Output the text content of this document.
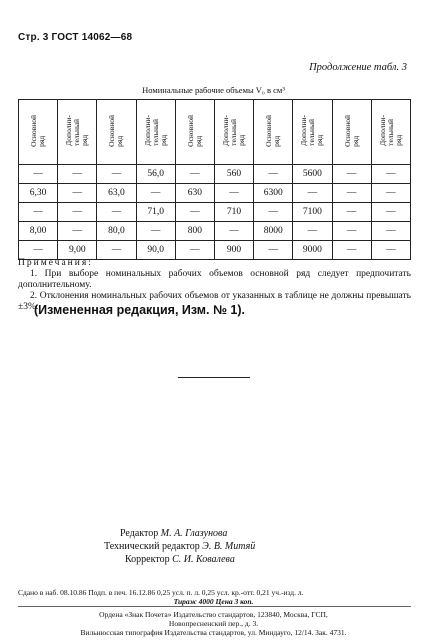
Стр. 3 ГОСТ 14062—68
Продолжение табл. 3
Номинальные рабочие объемы V₀ в см³
Основной
ряд	Дополни-
тельный
ряд	Основной
ряд	Дополни-
тельный
ряд	Основной
ряд	Дополни-
тельный
ряд	Основной
ряд	Дополни-
тельный
ряд	Основной
ряд	Дополни-
тельный
ряд
—	—	—	56,0	—	560	—	5600	—	—
6,30	—	63,0	—	630	—	6300	—	—	—
—	—	—	71,0	—	710	—	7100	—	—
8,00	—	80,0	—	800	—	8000	—	—	—
—	9,00	—	90,0	—	900	—	9000	—	—
Примечания:

1. При выборе номинальных рабочих объемов основной ряд следует предпочитать дополнительному.

2. Отклонения номинальных рабочих объемов от указанных в таблице не должны превышать ±3%.

(Измененная редакция, Изм. № 1).
Редактор М. А. Глазунова
Технический редактор Э. В. Митяй
Корректор С. И. Ковалева
Сдано в наб. 08.10.86 Подп. в печ. 16.12.86 0,25 усл. п. л. 0,25 усл. кр.-отт. 0,21 уч.-изд. л.
Тираж 4000 Цена 3 коп.
Ордена «Знак Почета» Издательство стандартов, 123840, Москва, ГСП,
Новопресненский пер., д. 3.
Вильнюсская типография Издательства стандартов, ул. Миндауго, 12/14. Зак. 4731.
